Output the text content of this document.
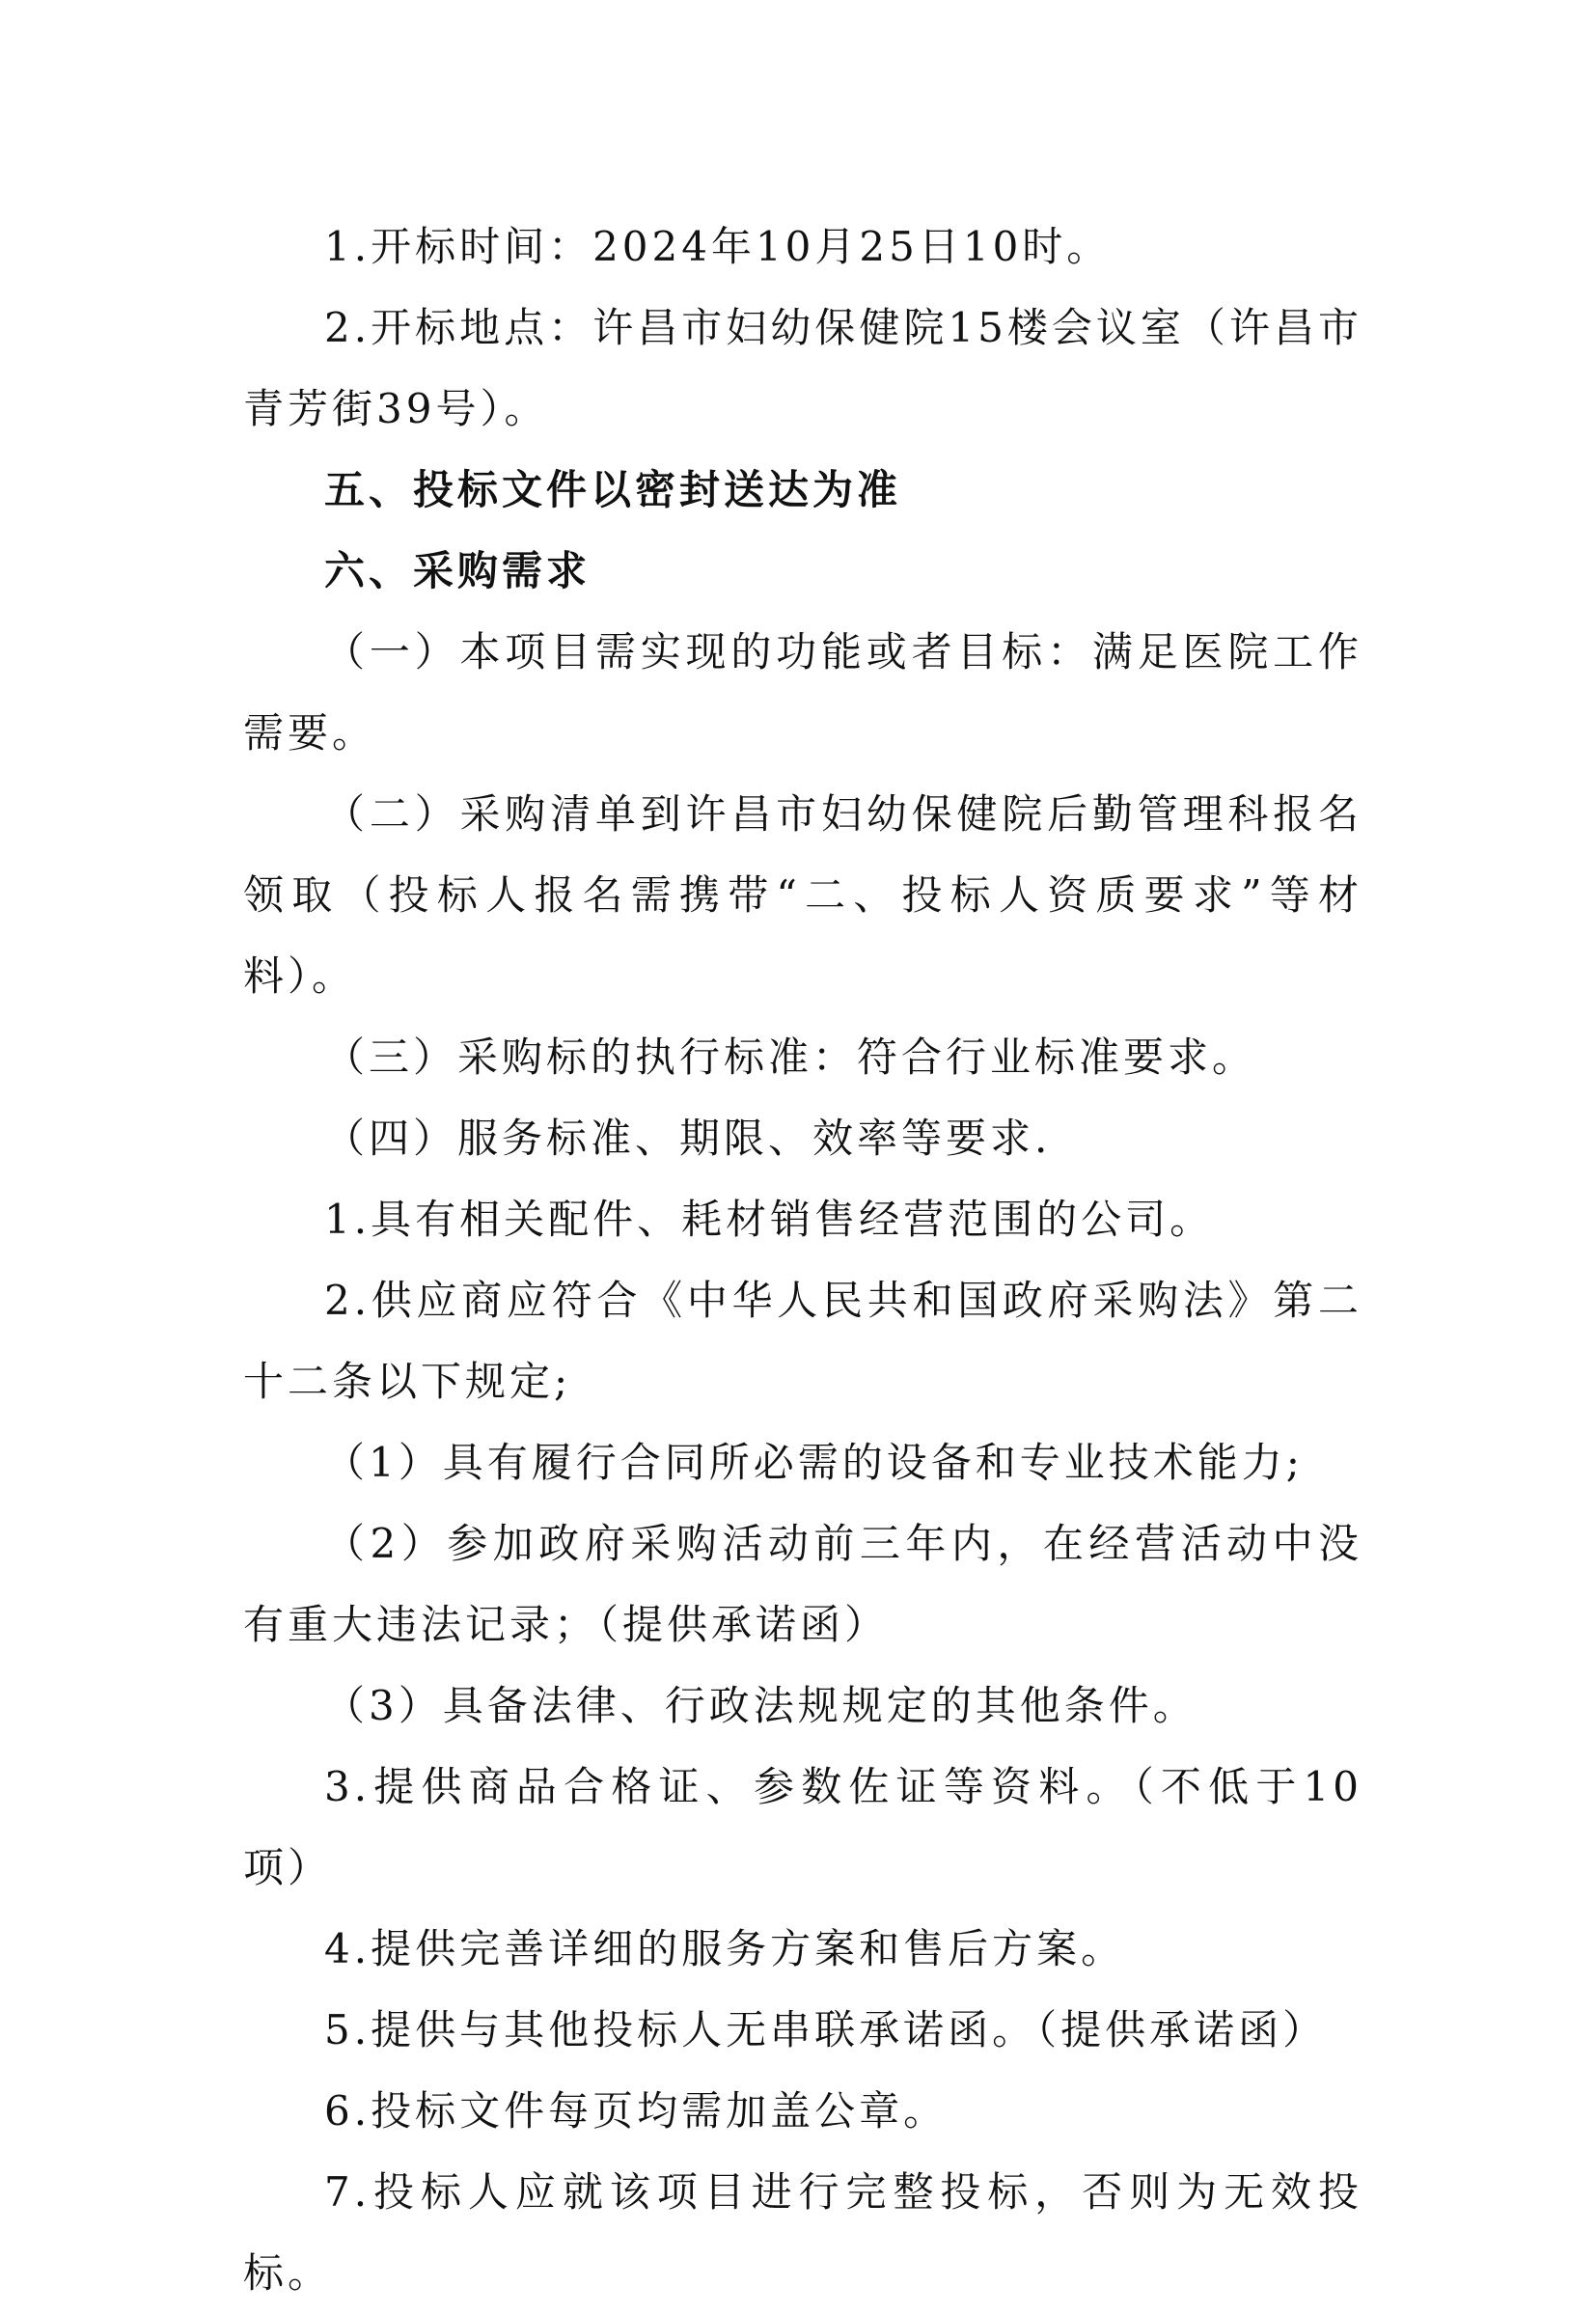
1.开标时间：2024年10月25日10时。

2.开标地点：许昌市妇幼保健院15楼会议室（许昌市青芳街39号）。

五、投标文件以密封送达为准

六、采购需求

（一）本项目需实现的功能或者目标：满足医院工作需要。

（二）采购清单到许昌市妇幼保健院后勤管理科报名领取（投标人报名需携带“二、投标人资质要求”等材料）。

（三）采购标的执行标准：符合行业标准要求。

（四）服务标准、期限、效率等要求.

1.具有相关配件、耗材销售经营范围的公司。

2.供应商应符合《中华人民共和国政府采购法》第二十二条以下规定;

（1）具有履行合同所必需的设备和专业技术能力;

（2）参加政府采购活动前三年内，在经营活动中没有重大违法记录；（提供承诺函）

（3）具备法律、行政法规规定的其他条件。

3.提供商品合格证、参数佐证等资料。（不低于10项）

4.提供完善详细的服务方案和售后方案。

5.提供与其他投标人无串联承诺函。（提供承诺函）

6.投标文件每页均需加盖公章。

7.投标人应就该项目进行完整投标，否则为无效投标。
